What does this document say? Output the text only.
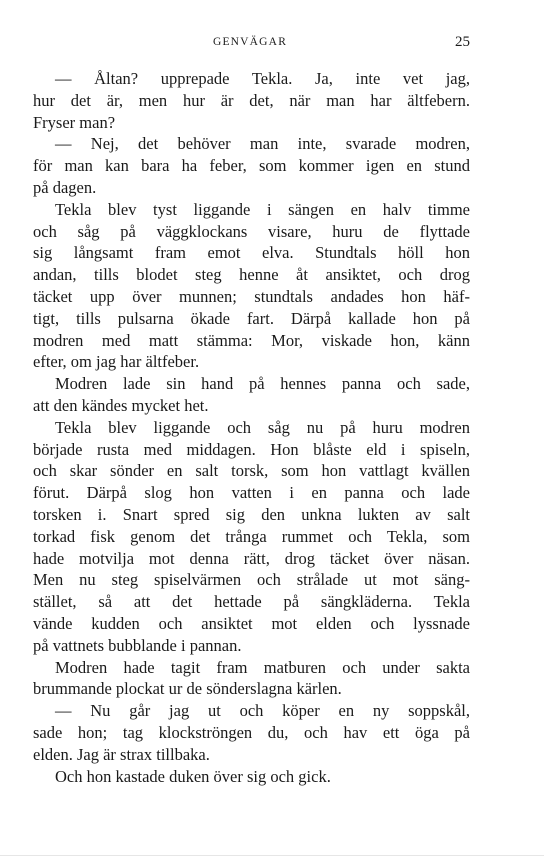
GENVÄGAR	25
— Åltan? upprepade Tekla. Ja, inte vet jag,
hur det är, men hur är det, när man har ältfebern.
Fryser man?
— Nej, det behöver man inte, svarade modren,
för man kan bara ha feber, som kommer igen en stund
på dagen.
Tekla blev tyst liggande i sängen en halv timme
och såg på väggklockans visare, huru de flyttade
sig långsamt fram emot elva. Stundtals höll hon
andan, tills blodet steg henne åt ansiktet, och drog
täcket upp över munnen; stundtals andades hon häf-
tigt, tills pulsarna ökade fart. Därpå kallade hon på
modren med matt stämma: Mor, viskade hon, känn
efter, om jag har ältfeber.
Modren lade sin hand på hennes panna och sade,
att den kändes mycket het.
Tekla blev liggande och såg nu på huru modren
började rusta med middagen. Hon blåste eld i spiseln,
och skar sönder en salt torsk, som hon vattlagt kvällen
förut. Därpå slog hon vatten i en panna och lade
torsken i. Snart spred sig den unkna lukten av salt
torkad fisk genom det trånga rummet och Tekla, som
hade motvilja mot denna rätt, drog täcket över näsan.
Men nu steg spiselvärmen och strålade ut mot säng-
stället, så att det hettade på sängkläderna. Tekla
vände kudden och ansiktet mot elden och lyssnade
på vattnets bubblande i pannan.
Modren hade tagit fram matburen och under sakta
brummande plockat ur de sönderslagna kärlen.
— Nu går jag ut och köper en ny soppskål,
sade hon; tag klockströngen du, och hav ett öga på
elden. Jag är strax tillbaka.
Och hon kastade duken över sig och gick.
